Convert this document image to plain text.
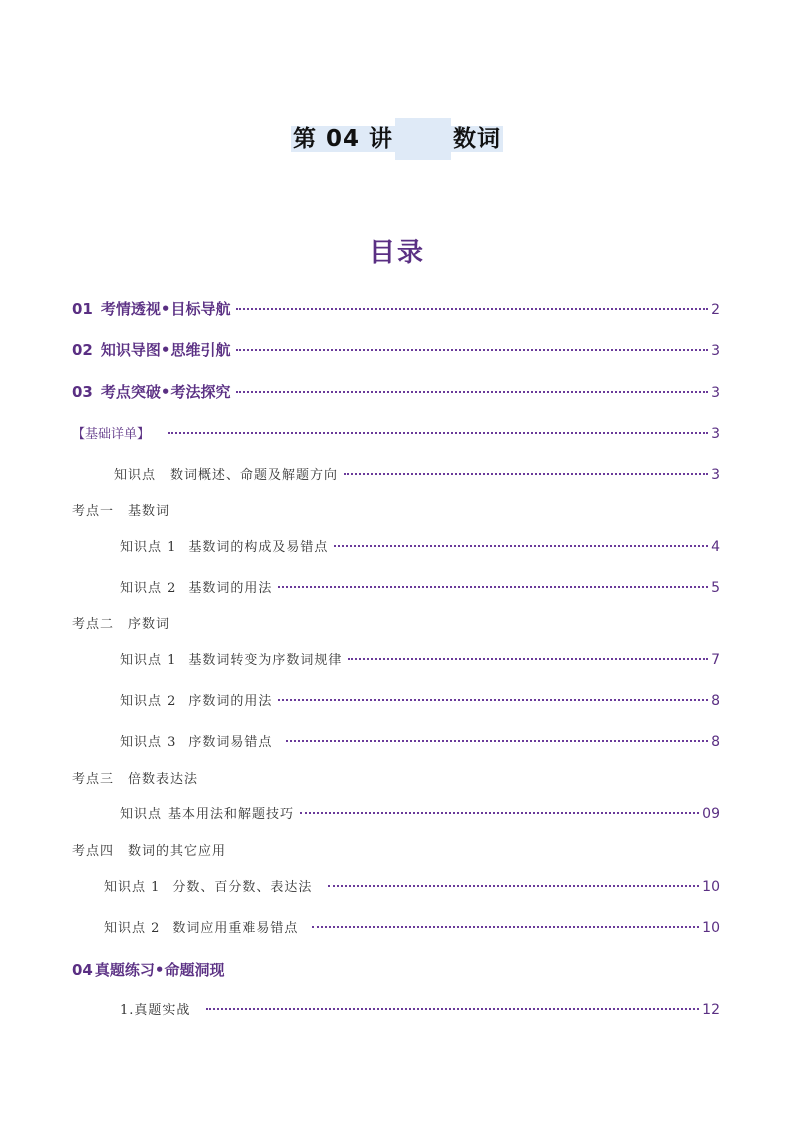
第 04 讲	数词
目录
01 考情透视•目标导航	2
02 知识导图•思维引航	3
03 考点突破•考法探究	3
【基础详单】	3
知识点 数词概述、命题及解题方向	3
考点一 基数词
知识点 1 基数词的构成及易错点	4
知识点 2 基数词的用法	5
考点二 序数词
知识点 1 基数词转变为序数词规律	7
知识点 2 序数词的用法	8
知识点 3 序数词易错点	8
考点三 倍数表达法
知识点 基本用法和解题技巧	09
考点四 数词的其它应用
知识点 1 分数、百分数、表达法	10
知识点 2 数词应用重难易错点	10
04 真题练习•命题洞现
1.真题实战	12
